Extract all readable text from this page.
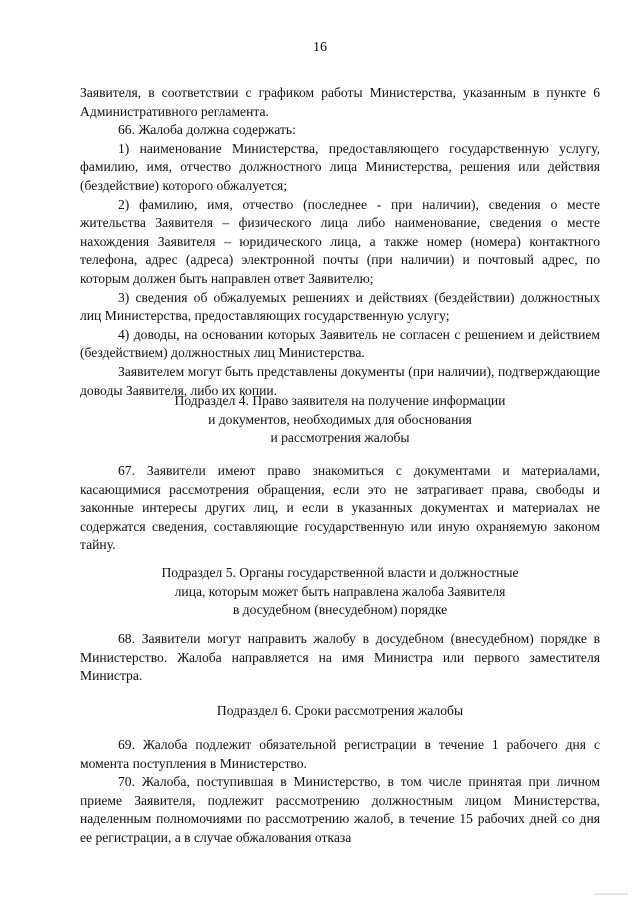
16

Заявителя, в соответствии с графиком работы Министерства, указанным в пункте 6 Административного регламента.

66. Жалоба должна содержать:

1) наименование Министерства, предоставляющего государственную услугу, фамилию, имя, отчество должностного лица Министерства, решения или действия (бездействие) которого обжалуется;

2) фамилию, имя, отчество (последнее - при наличии), сведения о месте жительства Заявителя – физического лица либо наименование, сведения о месте нахождения Заявителя – юридического лица, а также номер (номера) контактного телефона, адрес (адреса) электронной почты (при наличии) и почтовый адрес, по которым должен быть направлен ответ Заявителю;

3) сведения об обжалуемых решениях и действиях (бездействии) должностных лиц Министерства, предоставляющих государственную услугу;

4) доводы, на основании которых Заявитель не согласен с решением и действием (бездействием) должностных лиц Министерства.

Заявителем могут быть представлены документы (при наличии), подтверждающие доводы Заявителя, либо их копии.

Подраздел 4. Право заявителя на получение информации
и документов, необходимых для обоснования
и рассмотрения жалобы

67. Заявители имеют право знакомиться с документами и материалами, касающимися рассмотрения обращения, если это не затрагивает права, свободы и законные интересы других лиц, и если в указанных документах и материалах не содержатся сведения, составляющие государственную или иную охраняемую законом тайну.

Подраздел 5. Органы государственной власти и должностные
лица, которым может быть направлена жалоба Заявителя
в досудебном (внесудебном) порядке

68. Заявители могут направить жалобу в досудебном (внесудебном) порядке в Министерство. Жалоба направляется на имя Министра или первого заместителя Министра.

Подраздел 6. Сроки рассмотрения жалобы

69. Жалоба подлежит обязательной регистрации в течение 1 рабочего дня с момента поступления в Министерство.

70. Жалоба, поступившая в Министерство, в том числе принятая при личном приеме Заявителя, подлежит рассмотрению должностным лицом Министерства, наделенным полномочиями по рассмотрению жалоб, в течение 15 рабочих дней со дня ее регистрации, а в случае обжалования отказа
